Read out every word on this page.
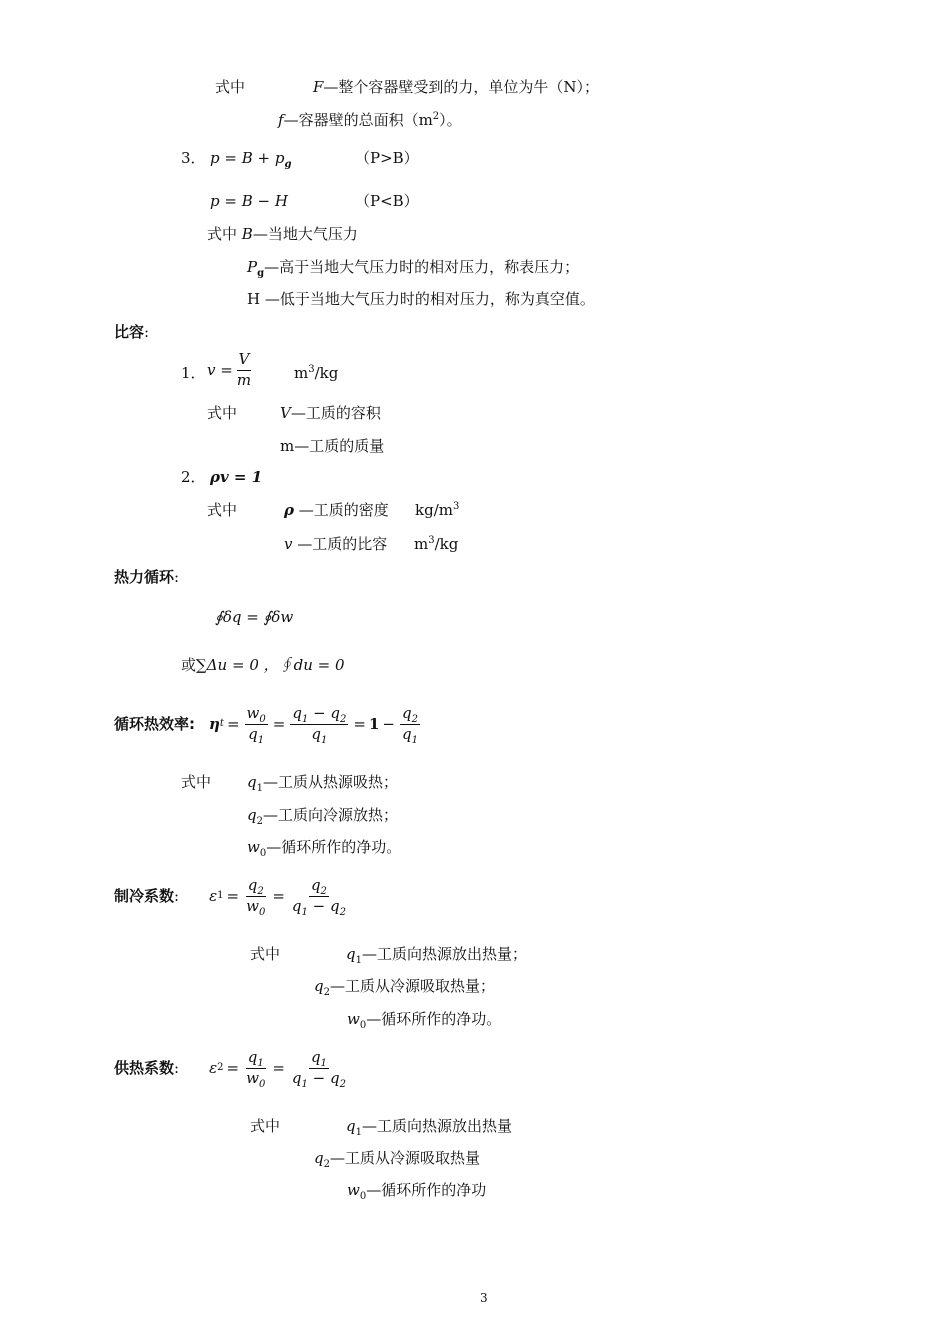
式中	F—整个容器壁受到的力，单位为牛（N）；
f—容器壁的总面积$(m^2)$。
3． $p = B + p_g$	（P>B）
p = B − H	（P<B）
式中 B—当地大气压力
$P_g—$高于当地大气压力时的相对压力，称表压力；
H —低于当地大气压力时的相对压力，称为真空值。
比容:
1． $v = \frac{V}{m}$	$m^3/kg$
式中	V—工质的容积
m—工质的质量
2． ρv = 1
式中	ρ —工质的密度 $kg/m^3$
v —工质的比容 $m^3/kg$
热力循环:
∮δq = ∮δw
或∑Δu = 0 ，∮du = 0
循环热效率: η $t = \frac{w_0}{q_1} = \frac{q_1 - q_2}{q_1} = 1 - \frac{q_2}{q_1}$
式中 $q_1—$工质从热源吸热；
$q_2—$工质向冷源放热；
$w_0—$循环所作的净功。
制冷系数 : ε $1 = \frac{q_2}{w_0} = \frac{q_2}{q_1 - q_2}$
式中	$q_1—$工质向热源放出热量；
$q_2—$工质从冷源吸取热量；
$w_0—$循环所作的净功。
供热系数 : ε $2 = \frac{q_1}{w_0} = \frac{q_1}{q_1 - q_2}$
式中	$q_1—$工质向热源放出热量
$q_2—$工质从冷源吸取热量
$w_0—$循环所作的净功
3
